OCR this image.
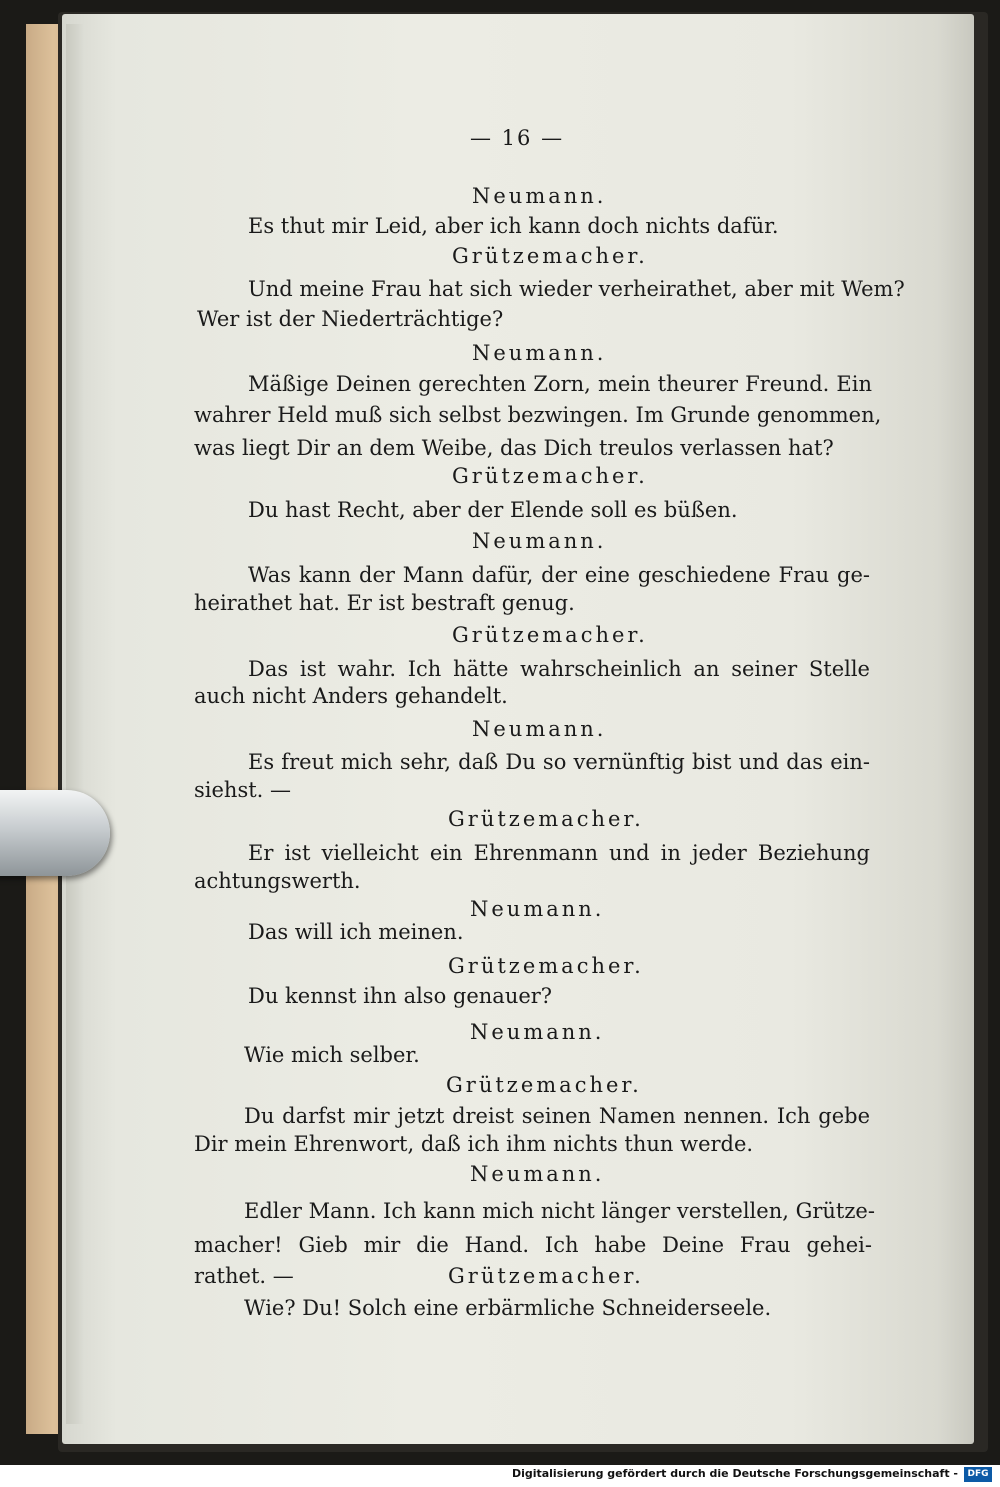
— 16 —
Neumann.
Es thut mir Leid, aber ich kann doch nichts dafür.
Grützemacher.
Und meine Frau hat sich wieder verheirathet, aber mit Wem?
Wer ist der Niederträchtige?
Neumann.
Mäßige Deinen gerechten Zorn, mein theurer Freund. Ein
wahrer Held muß sich selbst bezwingen. Im Grunde genommen,
was liegt Dir an dem Weibe, das Dich treulos verlassen hat?
Grützemacher.
Du hast Recht, aber der Elende soll es büßen.
Neumann.
Was kann der Mann dafür, der eine geschiedene Frau ge-
heirathet hat. Er ist bestraft genug.
Grützemacher.
Das ist wahr. Ich hätte wahrscheinlich an seiner Stelle
auch nicht Anders gehandelt.
Neumann.
Es freut mich sehr, daß Du so vernünftig bist und das ein-
siehst. —
Grützemacher.
Er ist vielleicht ein Ehrenmann und in jeder Beziehung
achtungswerth.
Neumann.
Das will ich meinen.
Grützemacher.
Du kennst ihn also genauer?
Neumann.
Wie mich selber.
Grützemacher.
Du darfst mir jetzt dreist seinen Namen nennen. Ich gebe
Dir mein Ehrenwort, daß ich ihm nichts thun werde.
Neumann.
Edler Mann. Ich kann mich nicht länger verstellen, Grütze-
macher! Gieb mir die Hand. Ich habe Deine Frau gehei-
rathet. —	Grützemacher.
Wie? Du! Solch eine erbärmliche Schneiderseele.
Digitalisierung gefördert durch die Deutsche Forschungsgemeinschaft -	DFG
